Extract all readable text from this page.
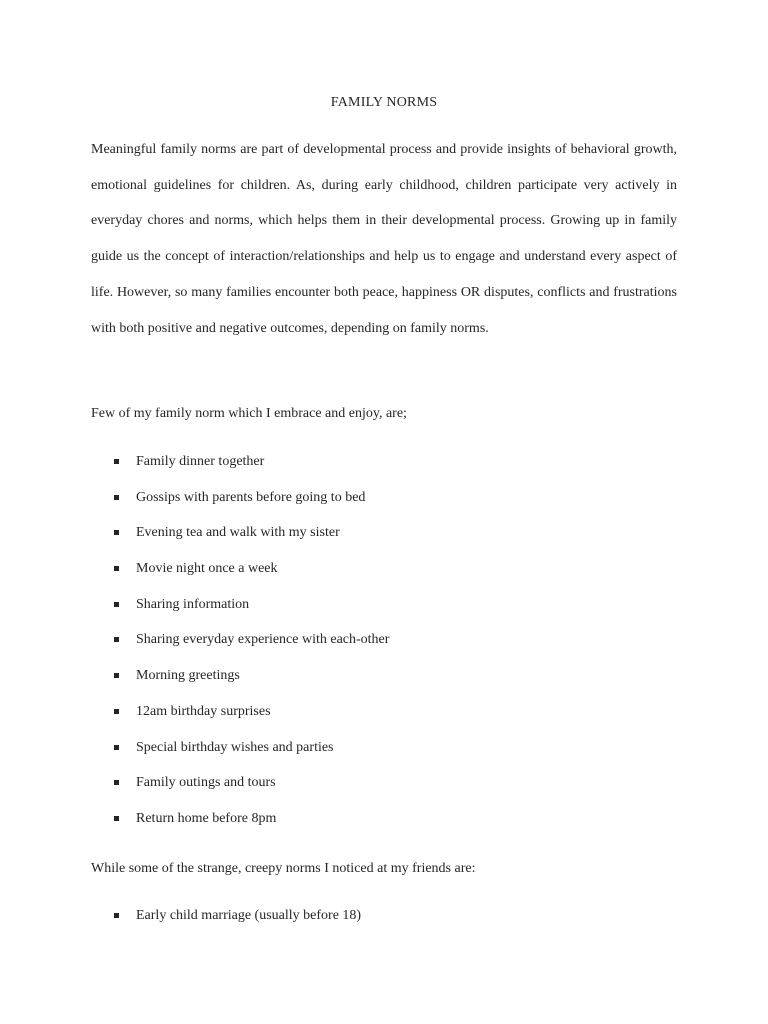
FAMILY NORMS

Meaningful family norms are part of developmental process and provide insights of behavioral growth, emotional guidelines for children. As, during early childhood, children participate very actively in everyday chores and norms, which helps them in their developmental process. Growing up in family guide us the concept of interaction/relationships and help us to engage and understand every aspect of life. However, so many families encounter both peace, happiness OR disputes, conflicts and frustrations with both positive and negative outcomes, depending on family norms.

Few of my family norm which I embrace and enjoy, are;
Family dinner together
Gossips with parents before going to bed
Evening tea and walk with my sister
Movie night once a week
Sharing information
Sharing everyday experience with each-other
Morning greetings
12am birthday surprises
Special birthday wishes and parties
Family outings and tours
Return home before 8pm
While some of the strange, creepy norms I noticed at my friends are:
Early child marriage (usually before 18)
